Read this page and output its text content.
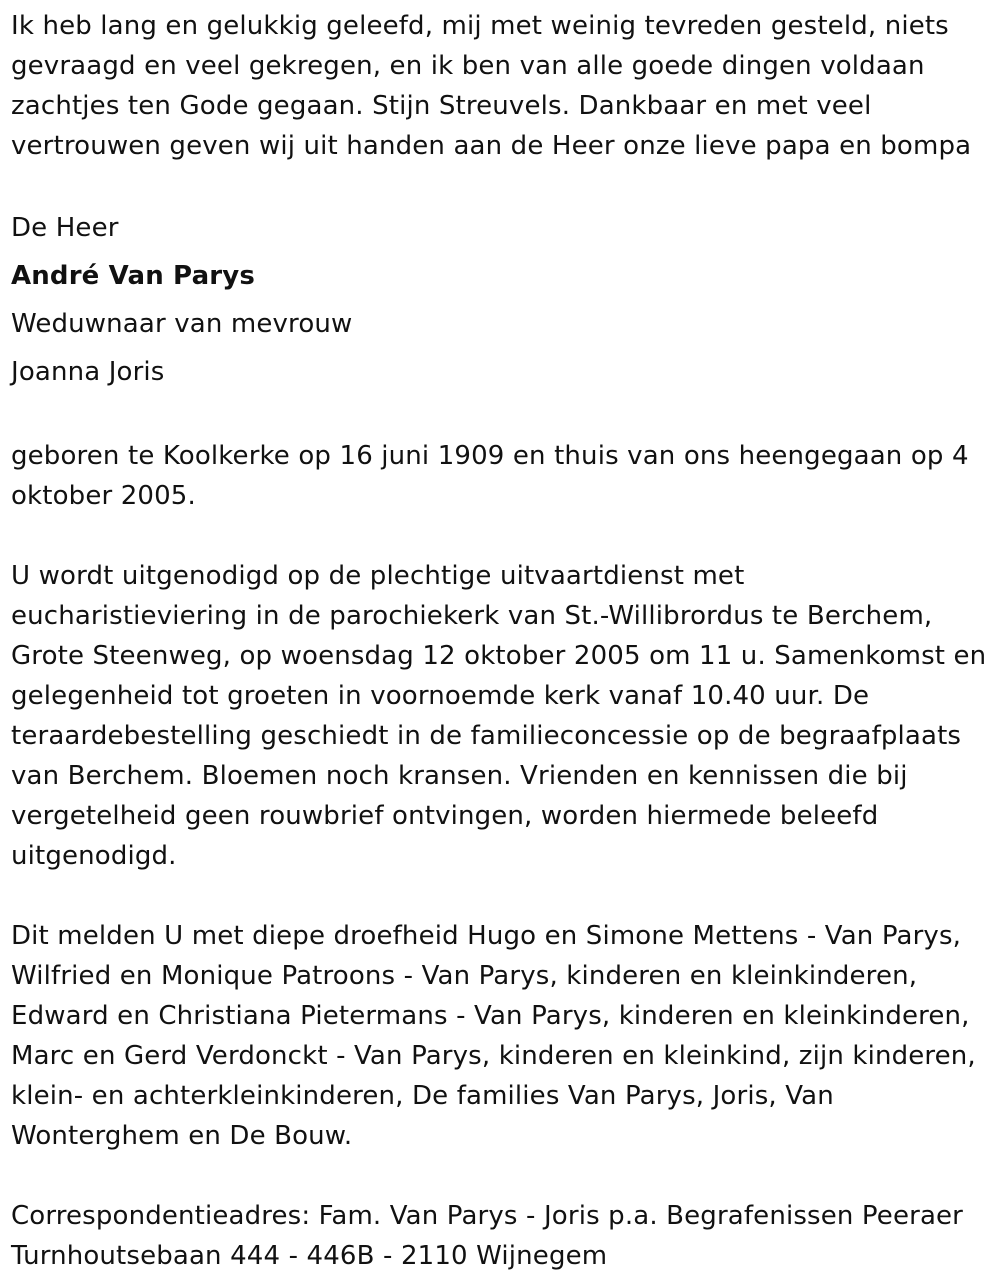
Ik heb lang en gelukkig geleefd, mij met weinig tevreden gesteld, niets
gevraagd en veel gekregen, en ik ben van alle goede dingen voldaan
zachtjes ten Gode gegaan. Stijn Streuvels. Dankbaar en met veel
vertrouwen geven wij uit handen aan de Heer onze lieve papa en bompa

De Heer

André Van Parys

Weduwnaar van mevrouw

Joanna Joris

geboren te Koolkerke op 16 juni 1909 en thuis van ons heengegaan op 4
oktober 2005.

U wordt uitgenodigd op de plechtige uitvaartdienst met
eucharistieviering in de parochiekerk van St.-Willibrordus te Berchem,
Grote Steenweg, op woensdag 12 oktober 2005 om 11 u. Samenkomst en
gelegenheid tot groeten in voornoemde kerk vanaf 10.40 uur. De
teraardebestelling geschiedt in de familieconcessie op de begraafplaats
van Berchem. Bloemen noch kransen. Vrienden en kennissen die bij
vergetelheid geen rouwbrief ontvingen, worden hiermede beleefd
uitgenodigd.

Dit melden U met diepe droefheid Hugo en Simone Mettens - Van Parys,
Wilfried en Monique Patroons - Van Parys, kinderen en kleinkinderen,
Edward en Christiana Pietermans - Van Parys, kinderen en kleinkinderen,
Marc en Gerd Verdonckt - Van Parys, kinderen en kleinkind, zijn kinderen,
klein- en achterkleinkinderen, De families Van Parys, Joris, Van
Wonterghem en De Bouw.

Correspondentieadres: Fam. Van Parys - Joris p.a. Begrafenissen Peeraer
Turnhoutsebaan 444 - 446B - 2110 Wijnegem
